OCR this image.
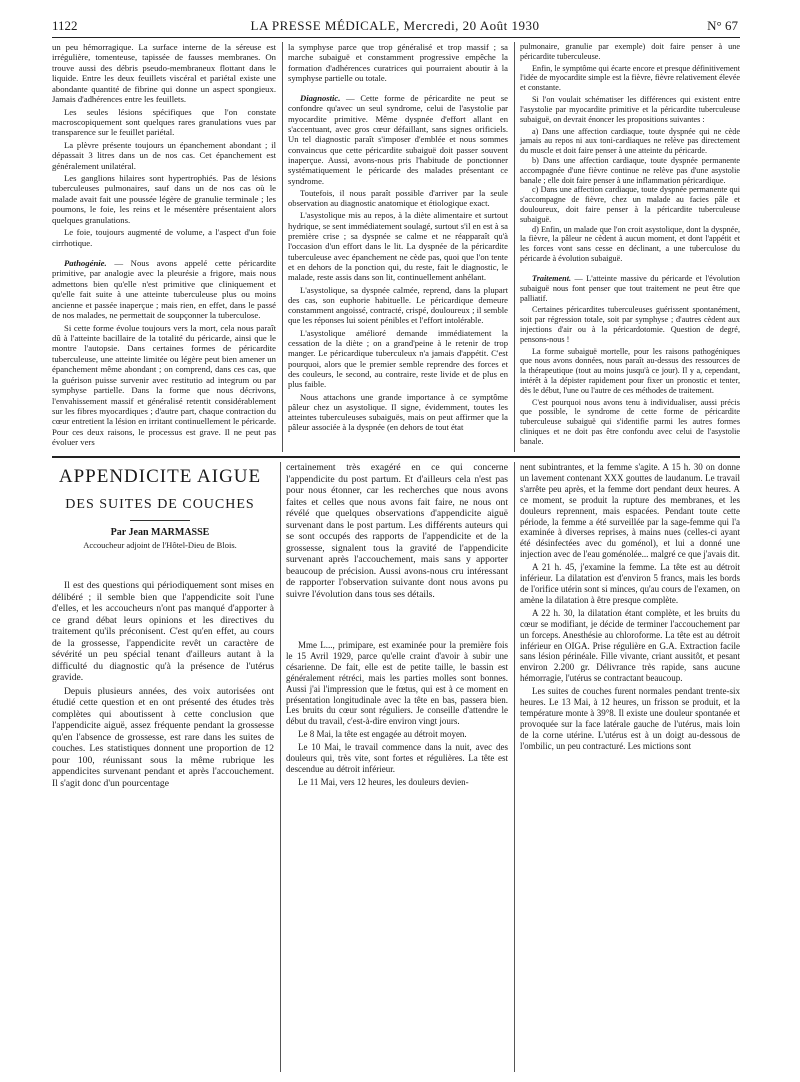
1122	LA PRESSE MÉDICALE, Mercredi, 20 Août 1930	N° 67

un peu hémorragique. La surface interne de la séreuse est irrégulière, tomenteuse, tapissée de fausses membranes. On trouve aussi des débris pseudo-membraneux flottant dans le liquide. Entre les deux feuillets viscéral et pariétal existe une abondante quantité de fibrine qui donne un aspect spongieux. Jamais d'adhérences entre les feuillets.

Les seules lésions spécifiques que l'on constate macroscopiquement sont quelques rares granulations vues par transparence sur le feuillet pariétal.

La plèvre présente toujours un épanchement abondant ; il dépassait 3 litres dans un de nos cas. Cet épanchement est généralement unilatéral.

Les ganglions hilaires sont hypertrophiés. Pas de lésions tuberculeuses pulmonaires, sauf dans un de nos cas où le malade avait fait une poussée légère de granulie terminale ; les poumons, le foie, les reins et le mésentère présentaient alors quelques granulations.

Le foie, toujours augmenté de volume, a l'aspect d'un foie cirrhotique.

Pathogénie. — Nous avons appelé cette péricardite primitive, par analogie avec la pleurésie a frigore, mais nous admettons bien qu'elle n'est primitive que cliniquement et qu'elle fait suite à une atteinte tuberculeuse plus ou moins ancienne et passée inaperçue ; mais rien, en effet, dans le passé de nos malades, ne permettait de soupçonner la tuberculose.

Si cette forme évolue toujours vers la mort, cela nous paraît dû à l'atteinte bacillaire de la totalité du péricarde, ainsi que le montre l'autopsie. Dans certaines formes de péricardite tuberculeuse, une atteinte limitée ou légère peut bien amener un épanchement même abondant ; on comprend, dans ces cas, que la guérison puisse survenir avec restitutio ad integrum ou par symphyse partielle. Dans la forme que nous décrivons, l'envahissement massif et généralisé retentit considérablement sur les fibres myocardiques ; d'autre part, chaque contraction du cœur entretient la lésion en irritant continuellement le péricarde. Pour ces deux raisons, le processus est grave. Il ne peut pas évoluer vers

la symphyse parce que trop généralisé et trop massif ; sa marche subaiguë et constamment progressive empêche la formation d'adhérences curatrices qui pourraient aboutir à la symphyse partielle ou totale.

Diagnostic. — Cette forme de péricardite ne peut se confondre qu'avec un seul syndrome, celui de l'asystolie par myocardite primitive. Même dyspnée d'effort allant en s'accentuant, avec gros cœur défaillant, sans signes orificiels. Un tel diagnostic paraît s'imposer d'emblée et nous sommes convaincus que cette péricardite subaiguë doit passer souvent inaperçue. Aussi, avons-nous pris l'habitude de ponctionner systématiquement le péricarde des malades présentant ce syndrome.

Toutefois, il nous paraît possible d'arriver par la seule observation au diagnostic anatomique et étiologique exact.

L'asystolique mis au repos, à la diète alimentaire et surtout hydrique, se sent immédiatement soulagé, surtout s'il en est à sa première crise ; sa dyspnée se calme et ne réapparaît qu'à l'occasion d'un effort dans le lit. La dyspnée de la péricardite tuberculeuse avec épanchement ne cède pas, quoi que l'on tente et en dehors de la ponction qui, du reste, fait le diagnostic, le malade, reste assis dans son lit, continuellement anhélant.

L'asystolique, sa dyspnée calmée, reprend, dans la plupart des cas, son euphorie habituelle. Le péricardique demeure constamment angoissé, contracté, crispé, douloureux ; il semble que les réponses lui soient pénibles et l'effort intolérable.

L'asystolique amélioré demande immédiatement la cessation de la diète ; on a grand'peine à le retenir de trop manger. Le péricardique tuberculeux n'a jamais d'appétit. C'est pourquoi, alors que le premier semble reprendre des forces et des couleurs, le second, au contraire, reste livide et de plus en plus faible.

Nous attachons une grande importance à ce symptôme pâleur chez un asystolique. Il signe, évidemment, toutes les atteintes tuberculeuses subaiguës, mais on peut affirmer que la pâleur associée à la dyspnée (en dehors de tout état

pulmonaire, granulie par exemple) doit faire penser à une péricardite tuberculeuse.

Enfin, le symptôme qui écarte encore et presque définitivement l'idée de myocardite simple est la fièvre, fièvre relativement élevée et constante.

Si l'on voulait schématiser les différences qui existent entre l'asystolie par myocardite primitive et la péricardite tuberculeuse subaiguë, on devrait énoncer les propositions suivantes :

a) Dans une affection cardiaque, toute dyspnée qui ne cède jamais au repos ni aux toni-cardiaques ne relève pas directement du muscle et doit faire penser à une atteinte du péricarde.
b) Dans une affection cardiaque, toute dyspnée permanente accompagnée d'une fièvre continue ne relève pas d'une asystolie banale ; elle doit faire penser à une inflammation péricardique.
c) Dans une affection cardiaque, toute dyspnée permanente qui s'accompagne de fièvre, chez un malade au facies pâle et douloureux, doit faire penser à la péricardite tuberculeuse subaiguë.
d) Enfin, un malade que l'on croit asystolique, dont la dyspnée, la fièvre, la pâleur ne cèdent à aucun moment, et dont l'appétit et les forces vont sans cesse en déclinant, a une tuberculose du péricarde à évolution subaiguë.

Traitement. — L'atteinte massive du péricarde et l'évolution subaiguë nous font penser que tout traitement ne peut être que palliatif.

Certaines péricardites tuberculeuses guérissent spontanément, soit par régression totale, soit par symphyse ; d'autres cèdent aux injections d'air ou à la péricardotomie. Question de degré, pensons-nous !

La forme subaiguë mortelle, pour les raisons pathogéniques que nous avons données, nous paraît au-dessus des ressources de la thérapeutique (tout au moins jusqu'à ce jour). Il y a, cependant, intérêt à la dépister rapidement pour fixer un pronostic et tenter, dès le début, l'une ou l'autre de ces méthodes de traitement.

C'est pourquoi nous avons tenu à individualiser, aussi précis que possible, le syndrome de cette forme de péricardite tuberculeuse subaiguë qui s'identifie parmi les autres formes cliniques et ne doit pas être confondu avec celui de l'asystolie banale.

APPENDICITE AIGUE
DES SUITES DE COUCHES
Par Jean MARMASSE
Accoucheur adjoint de l'Hôtel-Dieu de Blois.

Il est des questions qui périodiquement sont mises en délibéré ; il semble bien que l'appendicite soit l'une d'elles, et les accoucheurs n'ont pas manqué d'apporter à ce grand débat leurs opinions et les directives du traitement qu'ils préconisent. C'est qu'en effet, au cours de la grossesse, l'appendicite revêt un caractère de sévérité un peu spécial tenant d'ailleurs autant à la difficulté du diagnostic qu'à la présence de l'utérus gravide.

Depuis plusieurs années, des voix autorisées ont étudié cette question et en ont présenté des études très complètes qui aboutissent à cette conclusion que l'appendicite aiguë, assez fréquente pendant la grossesse qu'en l'absence de grossesse, est rare dans les suites de couches. Les statistiques donnent une proportion de 12 pour 100, réunissant sous la même rubrique les appendicites survenant pendant et après l'accouchement. Il s'agit donc d'un pourcentage

certainement très exagéré en ce qui concerne l'appendicite du post partum. Et d'ailleurs cela n'est pas pour nous étonner, car les recherches que nous avons faites et celles que nous avons fait faire, ne nous ont révélé que quelques observations d'appendicite aiguë survenant dans le post partum. Les différents auteurs qui se sont occupés des rapports de l'appendicite et de la grossesse, signalent tous la gravité de l'appendicite survenant après l'accouchement, mais sans y apporter beaucoup de précision. Aussi avons-nous cru intéressant de rapporter l'observation suivante dont nous avons pu suivre l'évolution dans tous ses détails.

Mme L..., primipare, est examinée pour la première fois le 15 Avril 1929, parce qu'elle craint d'avoir à subir une césarienne. De fait, elle est de petite taille, le bassin est généralement rétréci, mais les parties molles sont bonnes. Aussi j'ai l'impression que le fœtus, qui est à ce moment en présentation longitudinale avec la tête en bas, passera bien. Les bruits du cœur sont réguliers. Je conseille d'attendre le début du travail, c'est-à-dire environ vingt jours.

Le 8 Mai, la tête est engagée au détroit moyen.

Le 10 Mai, le travail commence dans la nuit, avec des douleurs qui, très vite, sont fortes et régulières. La tête est descendue au détroit inférieur.

Le 11 Mai, vers 12 heures, les douleurs devien-

nent subintrantes, et la femme s'agite. A 15 h. 30 on donne un lavement contenant XXX gouttes de laudanum. Le travail s'arrête peu après, et la femme dort pendant deux heures. A ce moment, se produit la rupture des membranes, et les douleurs reprennent, mais espacées. Pendant toute cette période, la femme a été surveillée par la sage-femme qui l'a examinée à diverses reprises, à mains nues (celles-ci ayant été désinfectées avec du goménol), et lui a donné une injection avec de l'eau goménolée... malgré ce que j'avais dit.

A 21 h. 45, j'examine la femme. La tête est au détroit inférieur. La dilatation est d'environ 5 francs, mais les bords de l'orifice utérin sont si minces, qu'au cours de l'examen, on amène la dilatation à être presque complète.

A 22 h. 30, la dilatation étant complète, et les bruits du cœur se modifiant, je décide de terminer l'accouchement par un forceps. Anesthésie au chloroforme. La tête est au détroit inférieur en OIGA. Prise régulière en G.A. Extraction facile sans lésion périnéale. Fille vivante, criant aussitôt, et pesant environ 2.200 gr. Délivrance très rapide, sans aucune hémorragie, l'utérus se contractant beaucoup.

Les suites de couches furent normales pendant trente-six heures. Le 13 Mai, à 12 heures, un frisson se produit, et la température monte à 39°8. Il existe une douleur spontanée et provoquée sur la face latérale gauche de l'utérus, mais loin de la corne utérine. L'utérus est à un doigt au-dessous de l'ombilic, un peu contracturé. Les mictions sont
